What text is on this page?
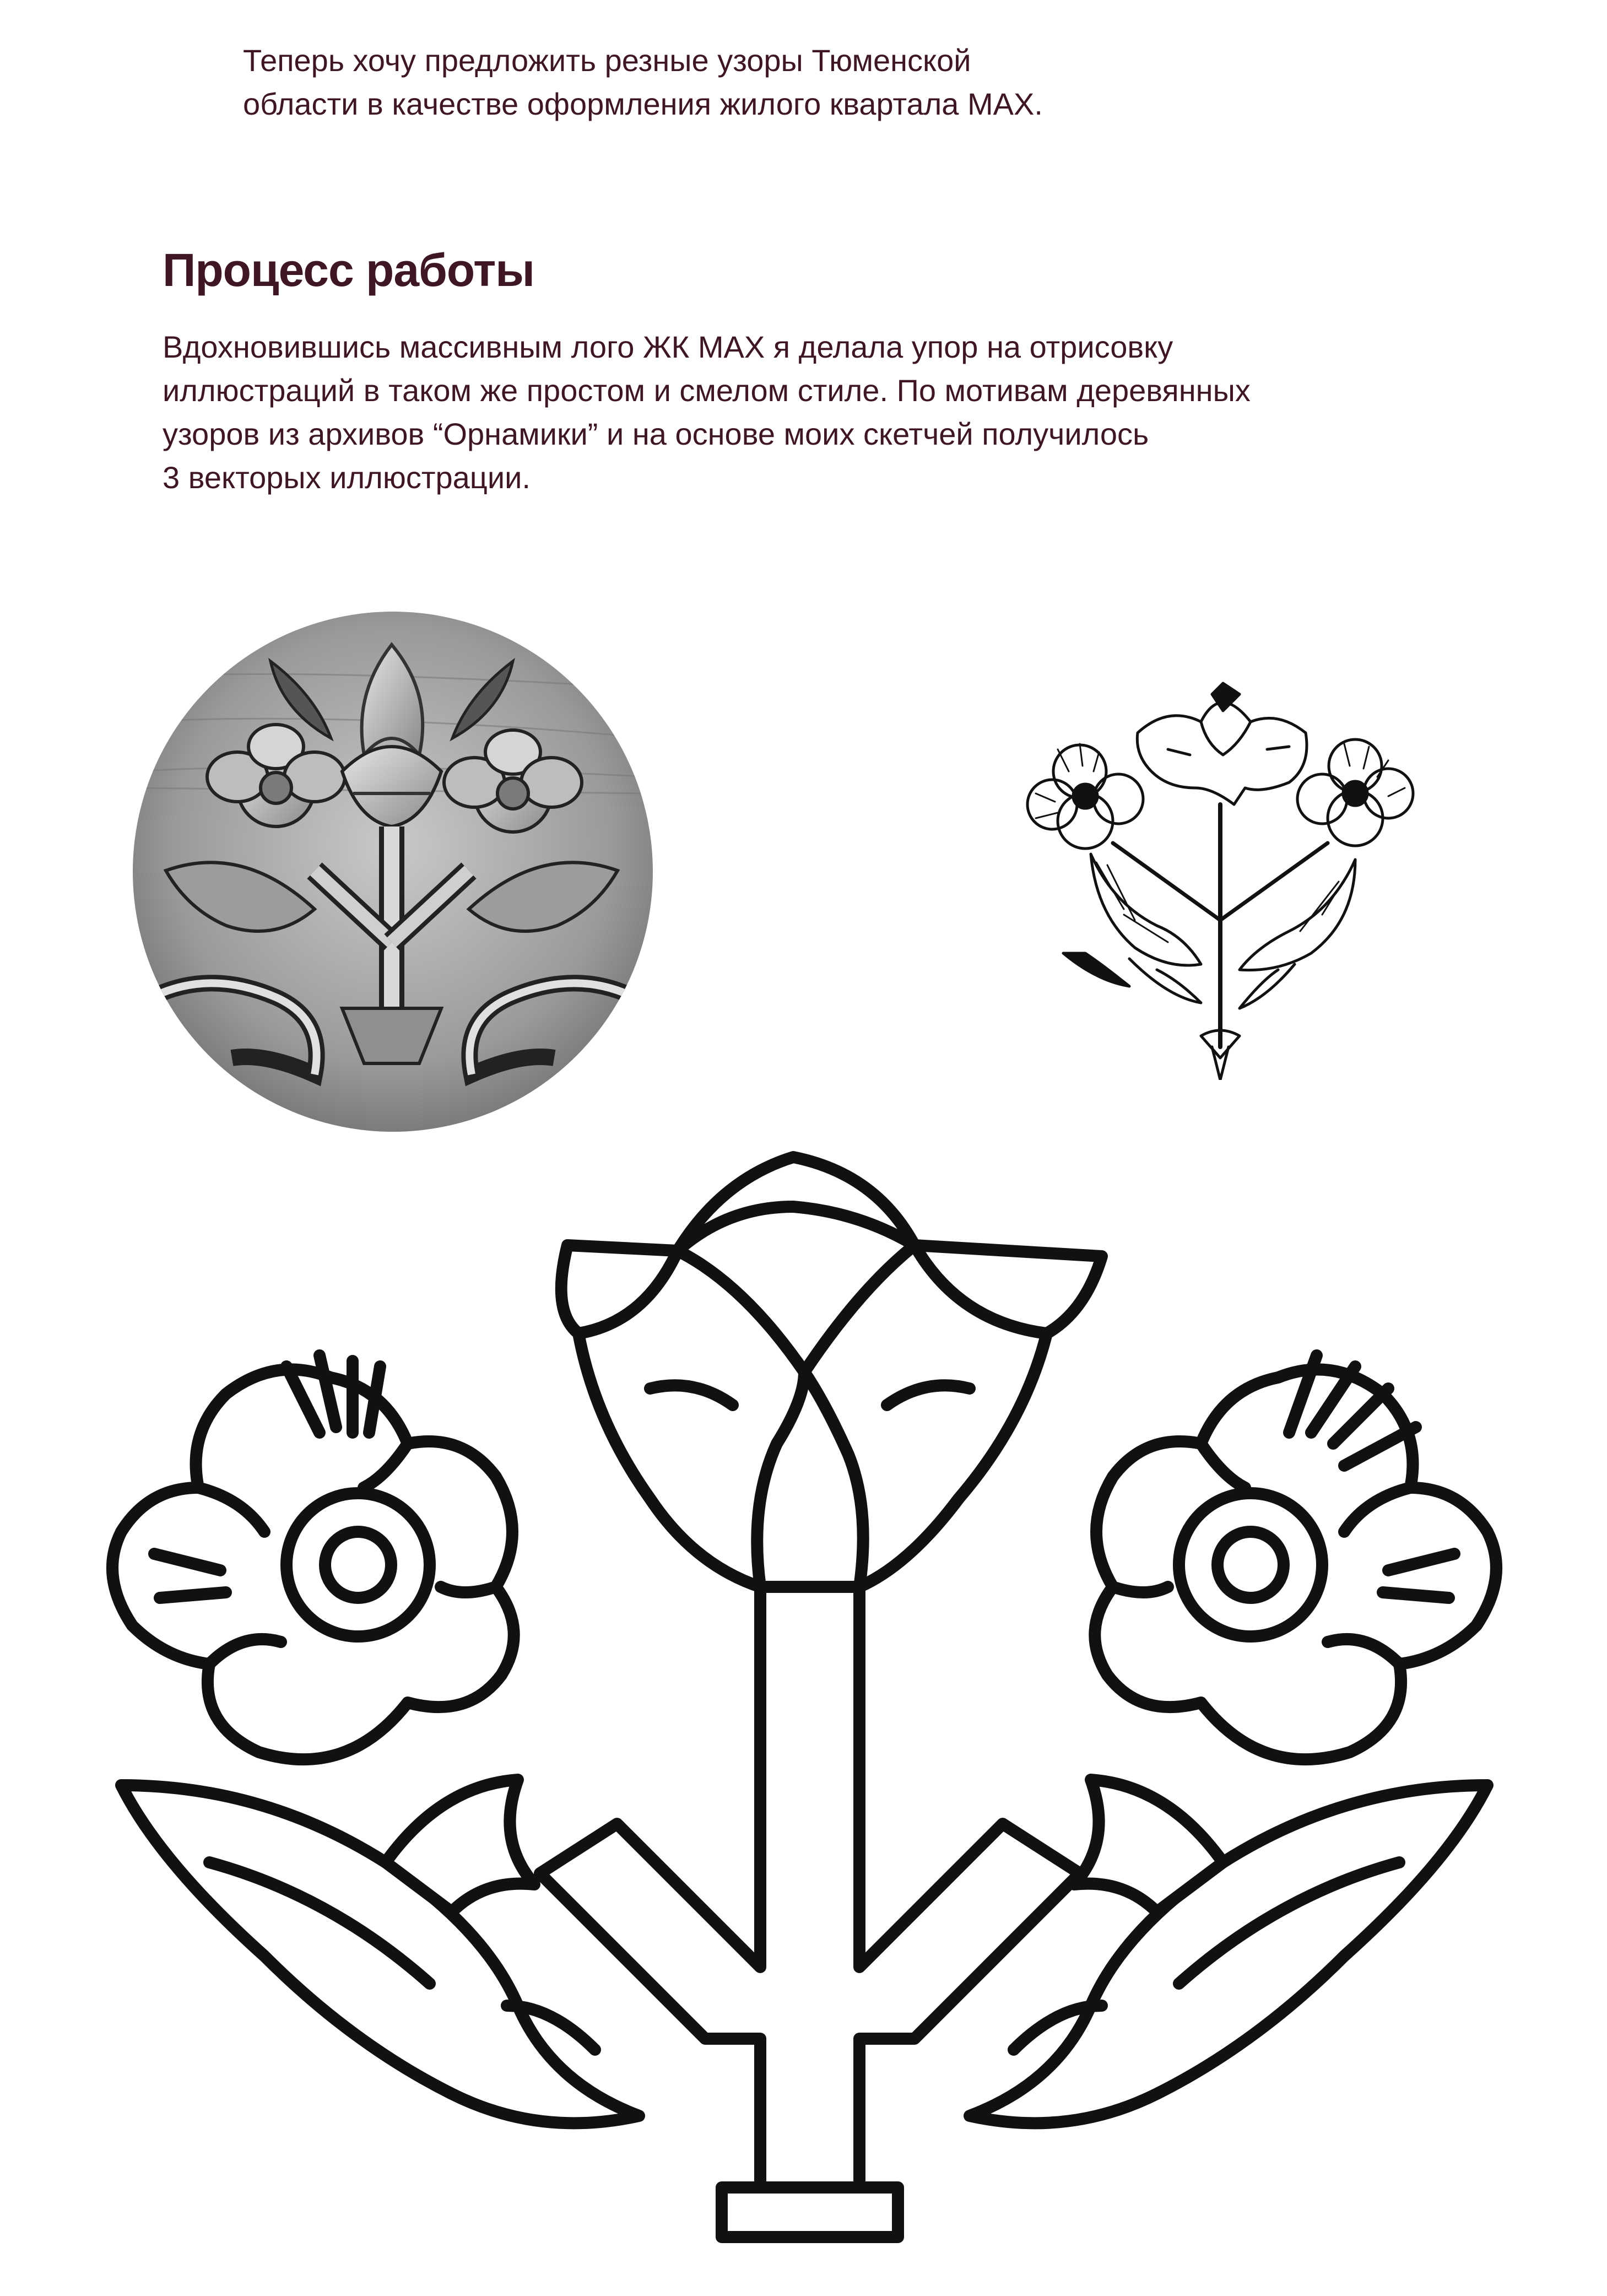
Теперь хочу предложить резные узоры Тюменской
области в качестве оформления жилого квартала MAX.

Процесс работы

Вдохновившись массивным лого ЖК MAX я делала упор на отрисовку
иллюстраций в таком же простом и смелом стиле. По мотивам деревянных
узоров из архивов “Орнамики” и на основе моих скетчей получилось
3 векторых иллюстрации.
